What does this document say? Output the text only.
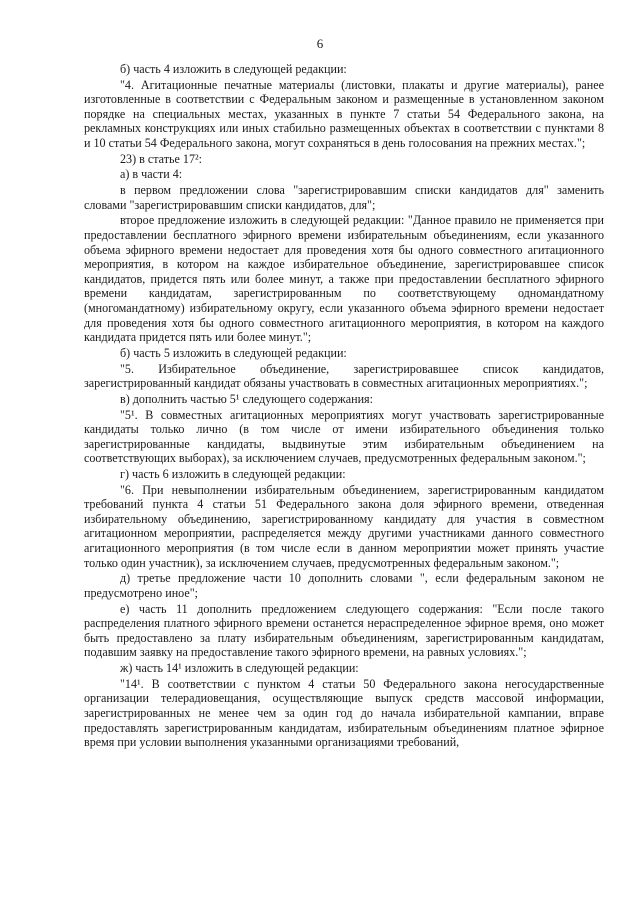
6

б) часть 4 изложить в следующей редакции:

"4. Агитационные печатные материалы (листовки, плакаты и другие материалы), ранее изготовленные в соответствии с Федеральным законом и размещенные в установленном законом порядке на специальных местах, указанных в пункте 7 статьи 54 Федерального закона, на рекламных конструкциях или иных стабильно размещенных объектах в соответствии с пунктами 8 и 10 статьи 54 Федерального закона, могут сохраняться в день голосования на прежних местах.";

23) в статье 17²:

а) в части 4:

в первом предложении слова "зарегистрировавшим списки кандидатов для" заменить словами "зарегистрировавшим списки кандидатов, для";

второе предложение изложить в следующей редакции: "Данное правило не применяется при предоставлении бесплатного эфирного времени избирательным объединениям, если указанного объема эфирного времени недостает для проведения хотя бы одного совместного агитационного мероприятия, в котором на каждое избирательное объединение, зарегистрировавшее список кандидатов, придется пять или более минут, а также при предоставлении бесплатного эфирного времени кандидатам, зарегистрированным по соответствующему одномандатному (многомандатному) избирательному округу, если указанного объема эфирного времени недостает для проведения хотя бы одного совместного агитационного мероприятия, в котором на каждого кандидата придется пять или более минут.";

б) часть 5 изложить в следующей редакции:

"5. Избирательное объединение, зарегистрировавшее список кандидатов, зарегистрированный кандидат обязаны участвовать в совместных агитационных мероприятиях.";

в) дополнить частью 5¹ следующего содержания:

"5¹. В совместных агитационных мероприятиях могут участвовать зарегистрированные кандидаты только лично (в том числе от имени избирательного объединения только зарегистрированные кандидаты, выдвинутые этим избирательным объединением на соответствующих выборах), за исключением случаев, предусмотренных федеральным законом.";

г) часть 6 изложить в следующей редакции:

"6. При невыполнении избирательным объединением, зарегистрированным кандидатом требований пункта 4 статьи 51 Федерального закона доля эфирного времени, отведенная избирательному объединению, зарегистрированному кандидату для участия в совместном агитационном мероприятии, распределяется между другими участниками данного совместного агитационного мероприятия (в том числе если в данном мероприятии может принять участие только один участник), за исключением случаев, предусмотренных федеральным законом.";

д) третье предложение части 10 дополнить словами ", если федеральным законом не предусмотрено иное";

е) часть 11 дополнить предложением следующего содержания: "Если после такого распределения платного эфирного времени останется нераспределенное эфирное время, оно может быть предоставлено за плату избирательным объединениям, зарегистрированным кандидатам, подавшим заявку на предоставление такого эфирного времени, на равных условиях.";

ж) часть 14¹ изложить в следующей редакции:

"14¹. В соответствии с пунктом 4 статьи 50 Федерального закона негосударственные организации телерадиовещания, осуществляющие выпуск средств массовой информации, зарегистрированных не менее чем за один год до начала избирательной кампании, вправе предоставлять зарегистрированным кандидатам, избирательным объединениям платное эфирное время при условии выполнения указанными организациями требований,
